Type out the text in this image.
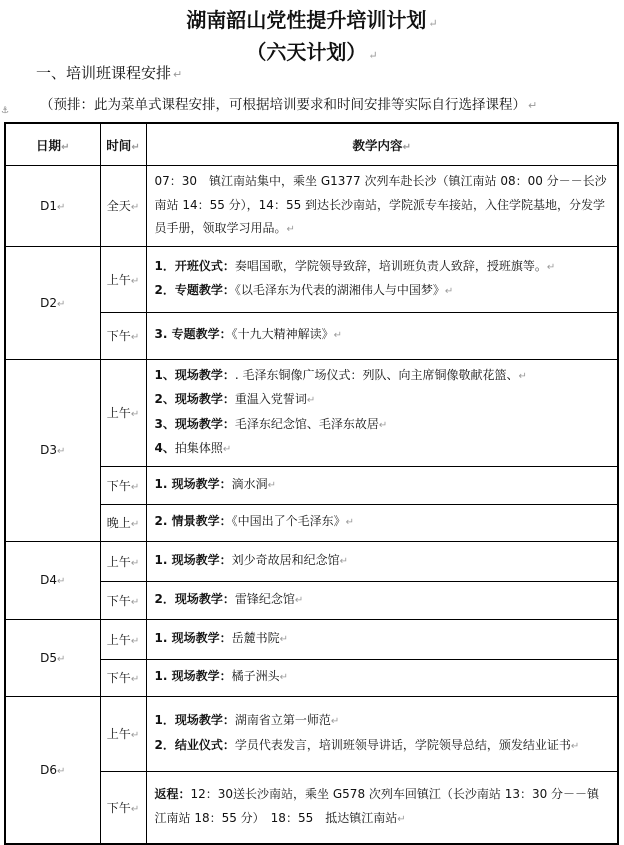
湖南韶山党性提升培训计划 ↵
（六天计划） ↵
一、培训班课程安排 ↵
⚓ （预排：此为菜单式课程安排，可根据培训要求和时间安排等实际自行选择课程） ↵
日期↵	时间↵	教学内容↵
D1↵	全天↵	07：30　镇江南站集中，乘坐 G1377 次列车赴长沙（镇江南站 08：00 分－－长沙南站 14：55 分），14：55 到达长沙南站，学院派专车接站，入住学院基地，分发学员手册，领取学习用品。↵

D2↵	上午↵	1．开班仪式：奏唱国歌，学院领导致辞，培训班负责人致辞，授班旗等。↵
2．专题教学：《以毛泽东为代表的湖湘伟人与中国梦》↵

	下午↵	3. 专题教学：《十九大精神解读》↵

D3↵	上午↵	1、现场教学：. 毛泽东铜像广场仪式：列队、向主席铜像敬献花篮、↵
2、现场教学：重温入党誓词↵
3、现场教学：毛泽东纪念馆、毛泽东故居↵
4、拍集体照↵

	下午↵	1. 现场教学：滴水洞↵

	晚上↵	2. 情景教学：《中国出了个毛泽东》↵

D4↵	上午↵	1. 现场教学：刘少奇故居和纪念馆↵

	下午↵	2．现场教学：雷锋纪念馆↵

D5↵	上午↵	1. 现场教学：岳麓书院↵

	下午↵	1. 现场教学：橘子洲头↵

D6↵	上午↵	1．现场教学：湖南省立第一师范↵
2．结业仪式：学员代表发言，培训班领导讲话，学院领导总结，颁发结业证书↵

	下午↵	返程：12：30送长沙南站，乘坐 G578 次列车回镇江（长沙南站 13：30 分－－镇江南站 18：55 分）　18：55　抵达镇江南站↵
